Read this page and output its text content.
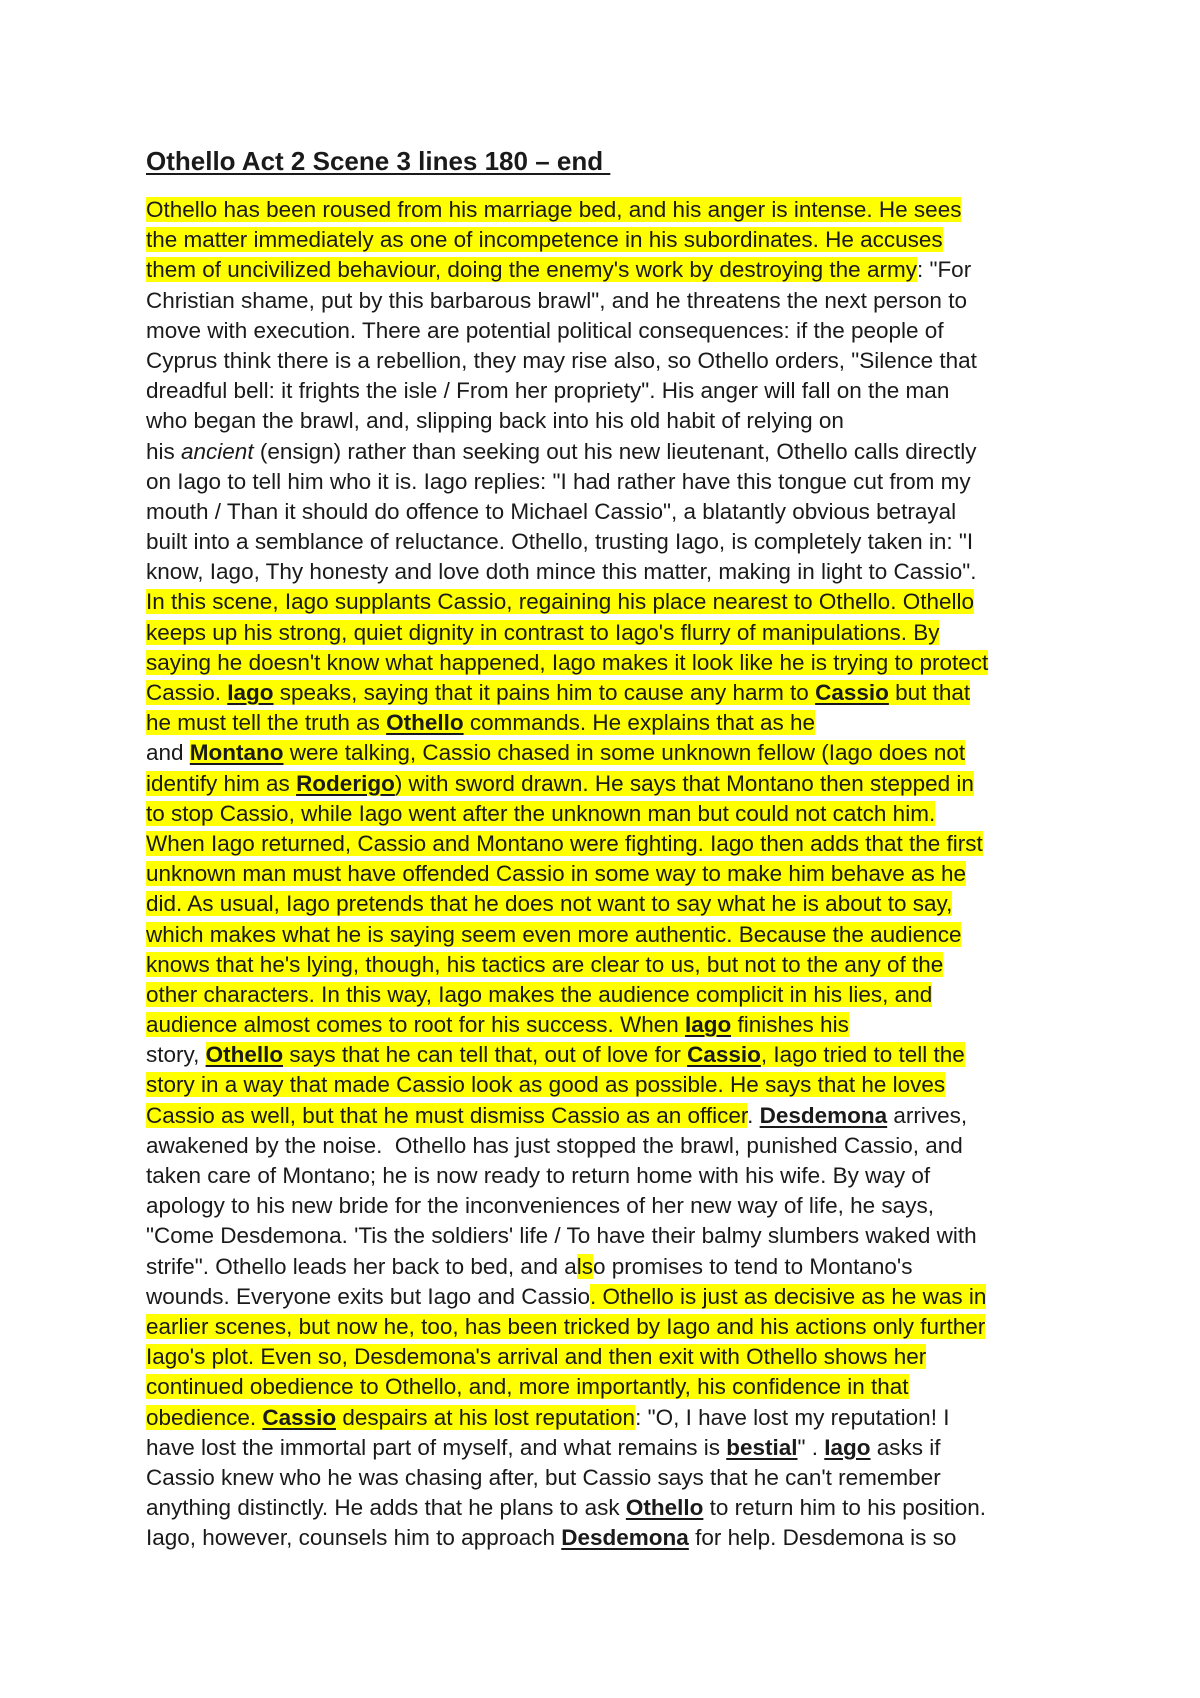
Othello Act 2 Scene 3 lines 180 – end
Othello has been roused from his marriage bed, and his anger is intense. He sees
the matter immediately as one of incompetence in his subordinates. He accuses
them of uncivilized behaviour, doing the enemy's work by destroying the army: "For
Christian shame, put by this barbarous brawl", and he threatens the next person to
move with execution. There are potential political consequences: if the people of
Cyprus think there is a rebellion, they may rise also, so Othello orders, "Silence that
dreadful bell: it frights the isle / From her propriety". His anger will fall on the man
who began the brawl, and, slipping back into his old habit of relying on
his ancient (ensign) rather than seeking out his new lieutenant, Othello calls directly
on Iago to tell him who it is. Iago replies: "I had rather have this tongue cut from my
mouth / Than it should do offence to Michael Cassio", a blatantly obvious betrayal
built into a semblance of reluctance. Othello, trusting Iago, is completely taken in: "I
know, Iago, Thy honesty and love doth mince this matter, making in light to Cassio".
In this scene, Iago supplants Cassio, regaining his place nearest to Othello. Othello
keeps up his strong, quiet dignity in contrast to Iago's flurry of manipulations. By
saying he doesn't know what happened, Iago makes it look like he is trying to protect
Cassio. Iago speaks, saying that it pains him to cause any harm to Cassio but that
he must tell the truth as Othello commands. He explains that as he
and Montano were talking, Cassio chased in some unknown fellow (Iago does not
identify him as Roderigo) with sword drawn. He says that Montano then stepped in
to stop Cassio, while Iago went after the unknown man but could not catch him.
When Iago returned, Cassio and Montano were fighting. Iago then adds that the first
unknown man must have offended Cassio in some way to make him behave as he
did. As usual, Iago pretends that he does not want to say what he is about to say,
which makes what he is saying seem even more authentic. Because the audience
knows that he's lying, though, his tactics are clear to us, but not to the any of the
other characters. In this way, Iago makes the audience complicit in his lies, and
audience almost comes to root for his success. When Iago finishes his
story, Othello says that he can tell that, out of love for Cassio, Iago tried to tell the
story in a way that made Cassio look as good as possible. He says that he loves
Cassio as well, but that he must dismiss Cassio as an officer. Desdemona arrives,
awakened by the noise.  Othello has just stopped the brawl, punished Cassio, and
taken care of Montano; he is now ready to return home with his wife. By way of
apology to his new bride for the inconveniences of her new way of life, he says,
"Come Desdemona. 'Tis the soldiers' life / To have their balmy slumbers waked with
strife". Othello leads her back to bed, and also promises to tend to Montano's
wounds. Everyone exits but Iago and Cassio. Othello is just as decisive as he was in
earlier scenes, but now he, too, has been tricked by Iago and his actions only further
Iago's plot. Even so, Desdemona's arrival and then exit with Othello shows her
continued obedience to Othello, and, more importantly, his confidence in that
obedience. Cassio despairs at his lost reputation: "O, I have lost my reputation! I
have lost the immortal part of myself, and what remains is bestial" . Iago asks if
Cassio knew who he was chasing after, but Cassio says that he can't remember
anything distinctly. He adds that he plans to ask Othello to return him to his position.
Iago, however, counsels him to approach Desdemona for help. Desdemona is so
